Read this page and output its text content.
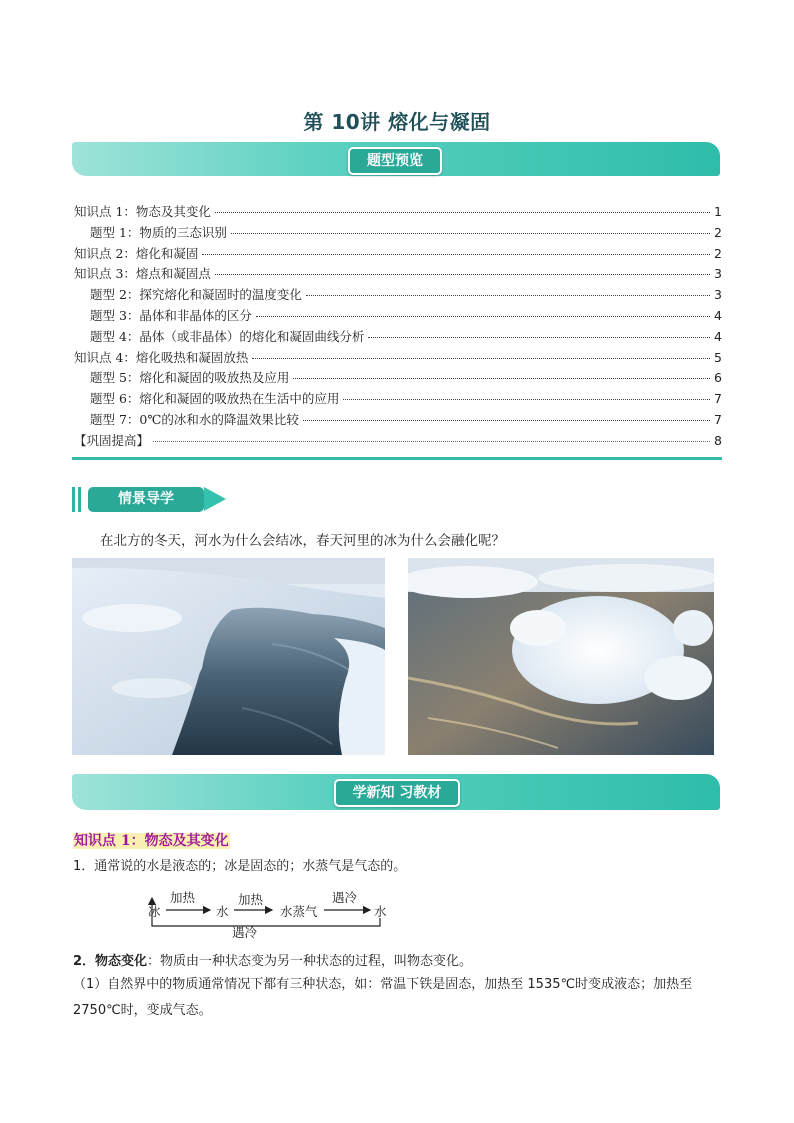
第 10讲 熔化与凝固
题型预览
知识点 1：物态及其变化	1
题型 1：物质的三态识别	2
知识点 2：熔化和凝固	2
知识点 3：熔点和凝固点	3
题型 2：探究熔化和凝固时的温度变化	3
题型 3：晶体和非晶体的区分	4
题型 4：晶体（或非晶体）的熔化和凝固曲线分析	4
知识点 4：熔化吸热和凝固放热	5
题型 5：熔化和凝固的吸放热及应用	6
题型 6：熔化和凝固的吸放热在生活中的应用	7
题型 7：0℃的冰和水的降温效果比较	7
【巩固提高】	8
情景导学
在北方的冬天，河水为什么会结冰，春天河里的冰为什么会融化呢？
学新知 习教材
知识点 1：物态及其变化
1．通常说的水是液态的；冰是固态的；水蒸气是气态的。
冰	水	水蒸气	水
加热	加热	遇冷
遇冷
2．物态变化：物质由一种状态变为另一种状态的过程，叫物态变化。
（1）自然界中的物质通常情况下都有三种状态，如：常温下铁是固态，加热至 1535℃时变成液态；加热至 2750℃时，变成气态。
